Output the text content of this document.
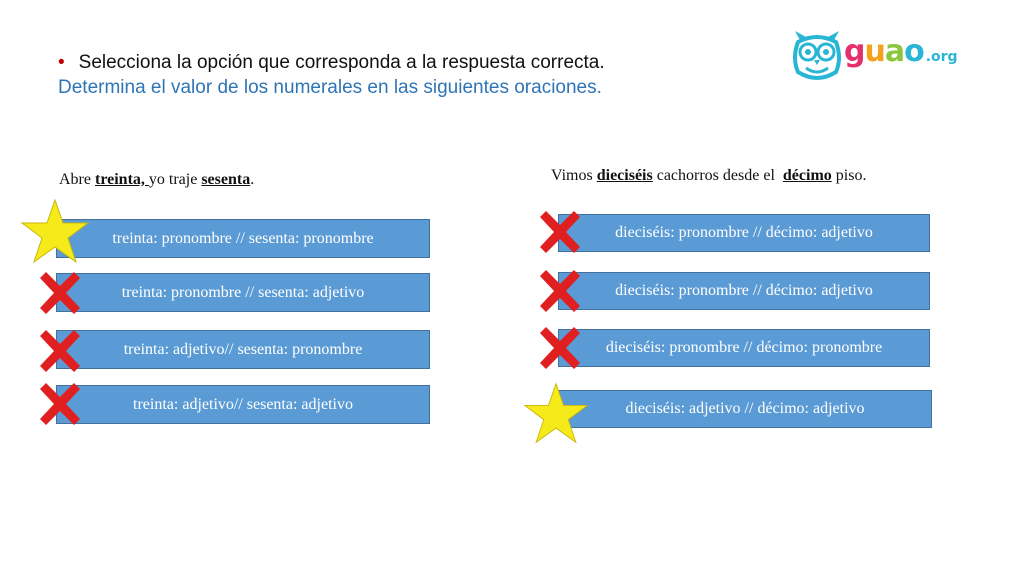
• Selecciona la opción que corresponda a la respuesta correcta.
Determina el valor de los numerales en las siguientes oraciones.
guao .org
Abre treinta, yo traje sesenta.
treinta: pronombre // sesenta: pronombre
treinta: pronombre // sesenta: adjetivo
treinta: adjetivo// sesenta: pronombre
treinta: adjetivo// sesenta: adjetivo
Vimos dieciséis cachorros desde el  décimo piso.
dieciséis: pronombre // décimo: adjetivo
dieciséis: pronombre // décimo: adjetivo
dieciséis: pronombre // décimo: pronombre
dieciséis: adjetivo // décimo: adjetivo
